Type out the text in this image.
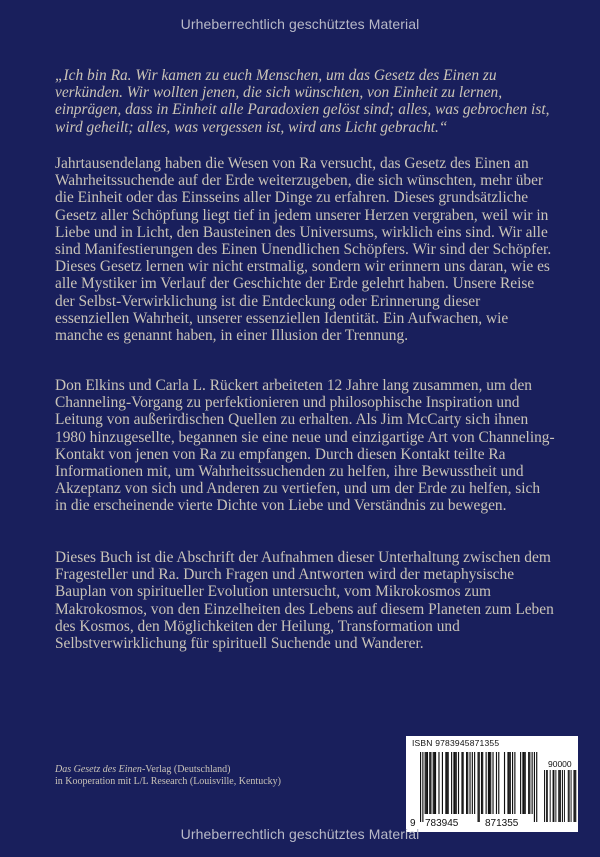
Urheberrechtlich geschütztes Material
„Ich bin Ra. Wir kamen zu euch Menschen, um das Gesetz des Einen zu verkünden. Wir wollten jenen, die sich wünschten, von Einheit zu lernen, einprägen, dass in Einheit alle Paradoxien gelöst sind; alles, was gebrochen ist, wird geheilt; alles, was vergessen ist, wird ans Licht gebracht.“
Jahrtausendelang haben die Wesen von Ra versucht, das Gesetz des Einen an Wahrheitssuchende auf der Erde weiterzugeben, die sich wünschten, mehr über die Einheit oder das Einsseins aller Dinge zu erfahren. Dieses grundsätzliche Gesetz aller Schöpfung liegt tief in jedem unserer Herzen vergraben, weil wir in Liebe und in Licht, den Bausteinen des Universums, wirklich eins sind. Wir alle sind Manifestierungen des Einen Unendlichen Schöpfers. Wir sind der Schöpfer. Dieses Gesetz lernen wir nicht erstmalig, sondern wir erinnern uns daran, wie es alle Mystiker im Verlauf der Geschichte der Erde gelehrt haben. Unsere Reise der Selbst-Verwirklichung ist die Entdeckung oder Erinnerung dieser essenziellen Wahrheit, unserer essenziellen Identität. Ein Aufwachen, wie manche es genannt haben, in einer Illusion der Trennung.
Don Elkins und Carla L. Rückert arbeiteten 12 Jahre lang zusammen, um den Channeling-Vorgang zu perfektionieren und philosophische Inspiration und Leitung von außerirdischen Quellen zu erhalten. Als Jim McCarty sich ihnen 1980 hinzugesellte, begannen sie eine neue und einzigartige Art von Channeling-Kontakt von jenen von Ra zu empfangen. Durch diesen Kontakt teilte Ra Informationen mit, um Wahrheitssuchenden zu helfen, ihre Bewusstheit und Akzeptanz von sich und Anderen zu vertiefen, und um der Erde zu helfen, sich in die erscheinende vierte Dichte von Liebe und Verständnis zu bewegen.
Dieses Buch ist die Abschrift der Aufnahmen dieser Unterhaltung zwischen dem Fragesteller und Ra. Durch Fragen und Antworten wird der metaphysische Bauplan von spiritueller Evolution untersucht, vom Mikrokosmos zum Makrokosmos, von den Einzelheiten des Lebens auf diesem Planeten zum Leben des Kosmos, den Möglichkeiten der Heilung, Transformation und Selbstverwirklichung für spirituell Suchende und Wanderer.
Das Gesetz des Einen-Verlag (Deutschland)
in Kooperation mit L/L Research (Louisville, Kentucky)
ISBN 9783945871355
90000
9 783945	871355
Urheberrechtlich geschütztes Material
